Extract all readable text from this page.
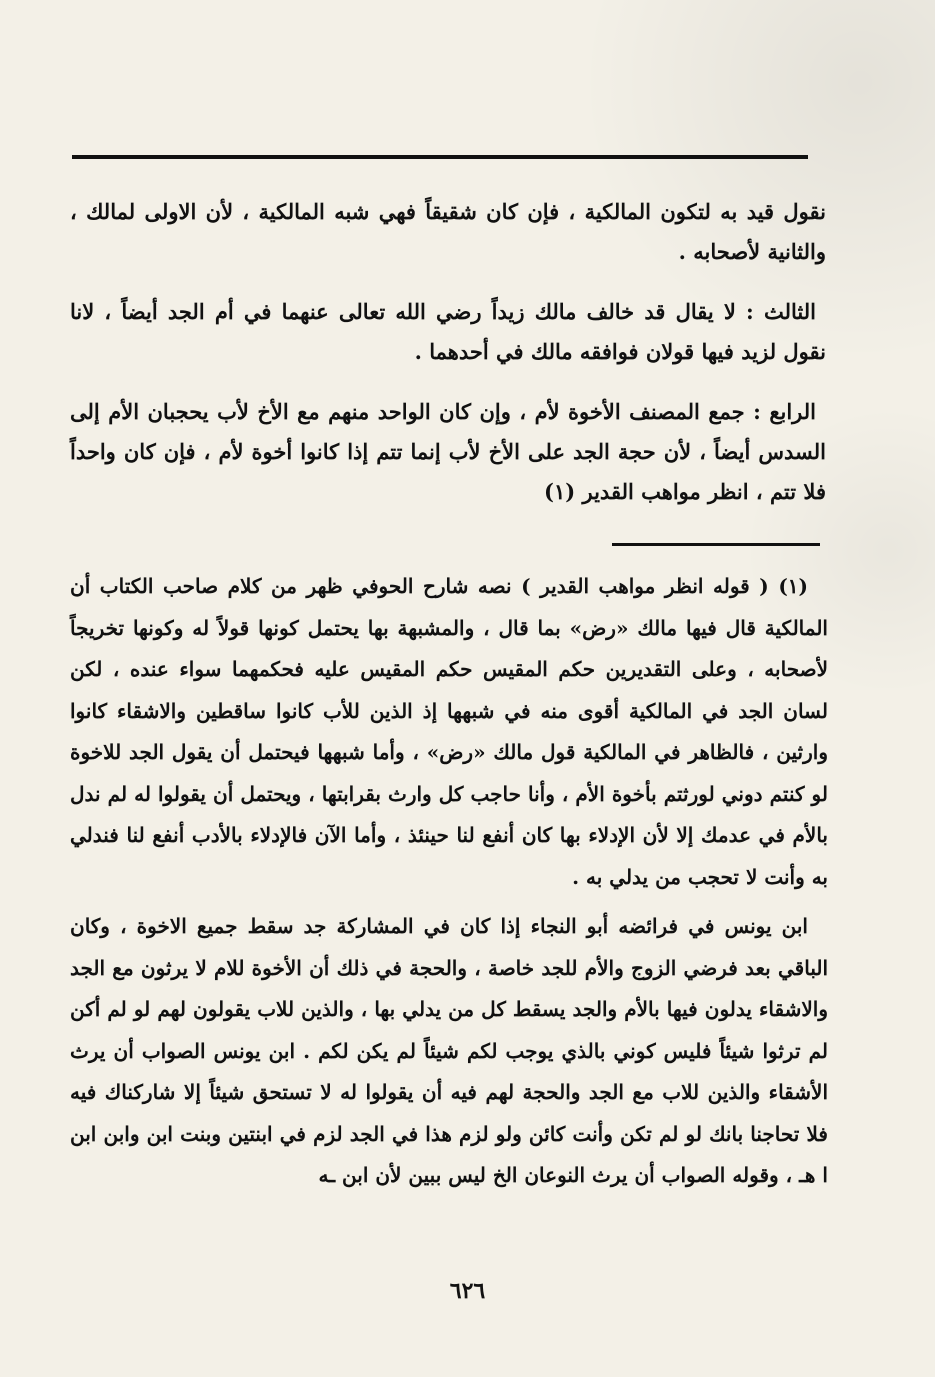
نقول قيد به لتكون المالكية ، فإن كان شقيقاً فهي شبه المالكية ، لأن الاولى لمالك ، والثانية لأصحابه .

الثالث : لا يقال قد خالف مالك زيداً رضي الله تعالى عنهما في أم الجد أيضاً ، لانا نقول لزيد فيها قولان فوافقه مالك في أحدهما .

الرابع : جمع المصنف الأخوة لأم ، وإن كان الواحد منهم مع الأخ لأب يحجبان الأم إلى السدس أيضاً ، لأن حجة الجد على الأخ لأب إنما تتم إذا كانوا أخوة لأم ، فإن كان واحداً فلا تتم ، انظر مواهب القدير (١)

(١) ( قوله انظر مواهب القدير ) نصه شارح الحوفي ظهر من كلام صاحب الكتاب أن المالكية قال فيها مالك «رض» بما قال ، والمشبهة بها يحتمل كونها قولاً له وكونها تخريجاً لأصحابه ، وعلى التقديرين حكم المقيس حكم المقيس عليه فحكمهما سواء عنده ، لكن لسان الجد في المالكية أقوى منه في شبهها إذ الذين للأب كانوا ساقطين والاشقاء كانوا وارثين ، فالظاهر في المالكية قول مالك «رض» ، وأما شبهها فيحتمل أن يقول الجد للاخوة لو كنتم دوني لورثتم بأخوة الأم ، وأنا حاجب كل وارث بقرابتها ، ويحتمل أن يقولوا له لم ندل بالأم في عدمك إلا لأن الإدلاء بها كان أنفع لنا حينئذ ، وأما الآن فالإدلاء بالأدب أنفع لنا فندلي به وأنت لا تحجب من يدلي به .

ابن يونس في فرائضه أبو النجاء إذا كان في المشاركة جد سقط جميع الاخوة ، وكان الباقي بعد فرضي الزوج والأم للجد خاصة ، والحجة في ذلك أن الأخوة للام لا يرثون مع الجد والاشقاء يدلون فيها بالأم والجد يسقط كل من يدلي بها ، والذين للاب يقولون لهم لو لم أكن لم ترثوا شيئاً فليس كوني بالذي يوجب لكم شيئاً لم يكن لكم . ابن يونس الصواب أن يرث الأشقاء والذين للاب مع الجد والحجة لهم فيه أن يقولوا له لا تستحق شيئاً إلا شاركناك فيه فلا تحاجنا بانك لو لم تكن وأنت كائن ولو لزم هذا في الجد لزم في ابنتين وبنت ابن وابن ابن ا هـ ، وقوله الصواب أن يرث النوعان الخ ليس ببين لأن ابن ـه

٦٢٦
